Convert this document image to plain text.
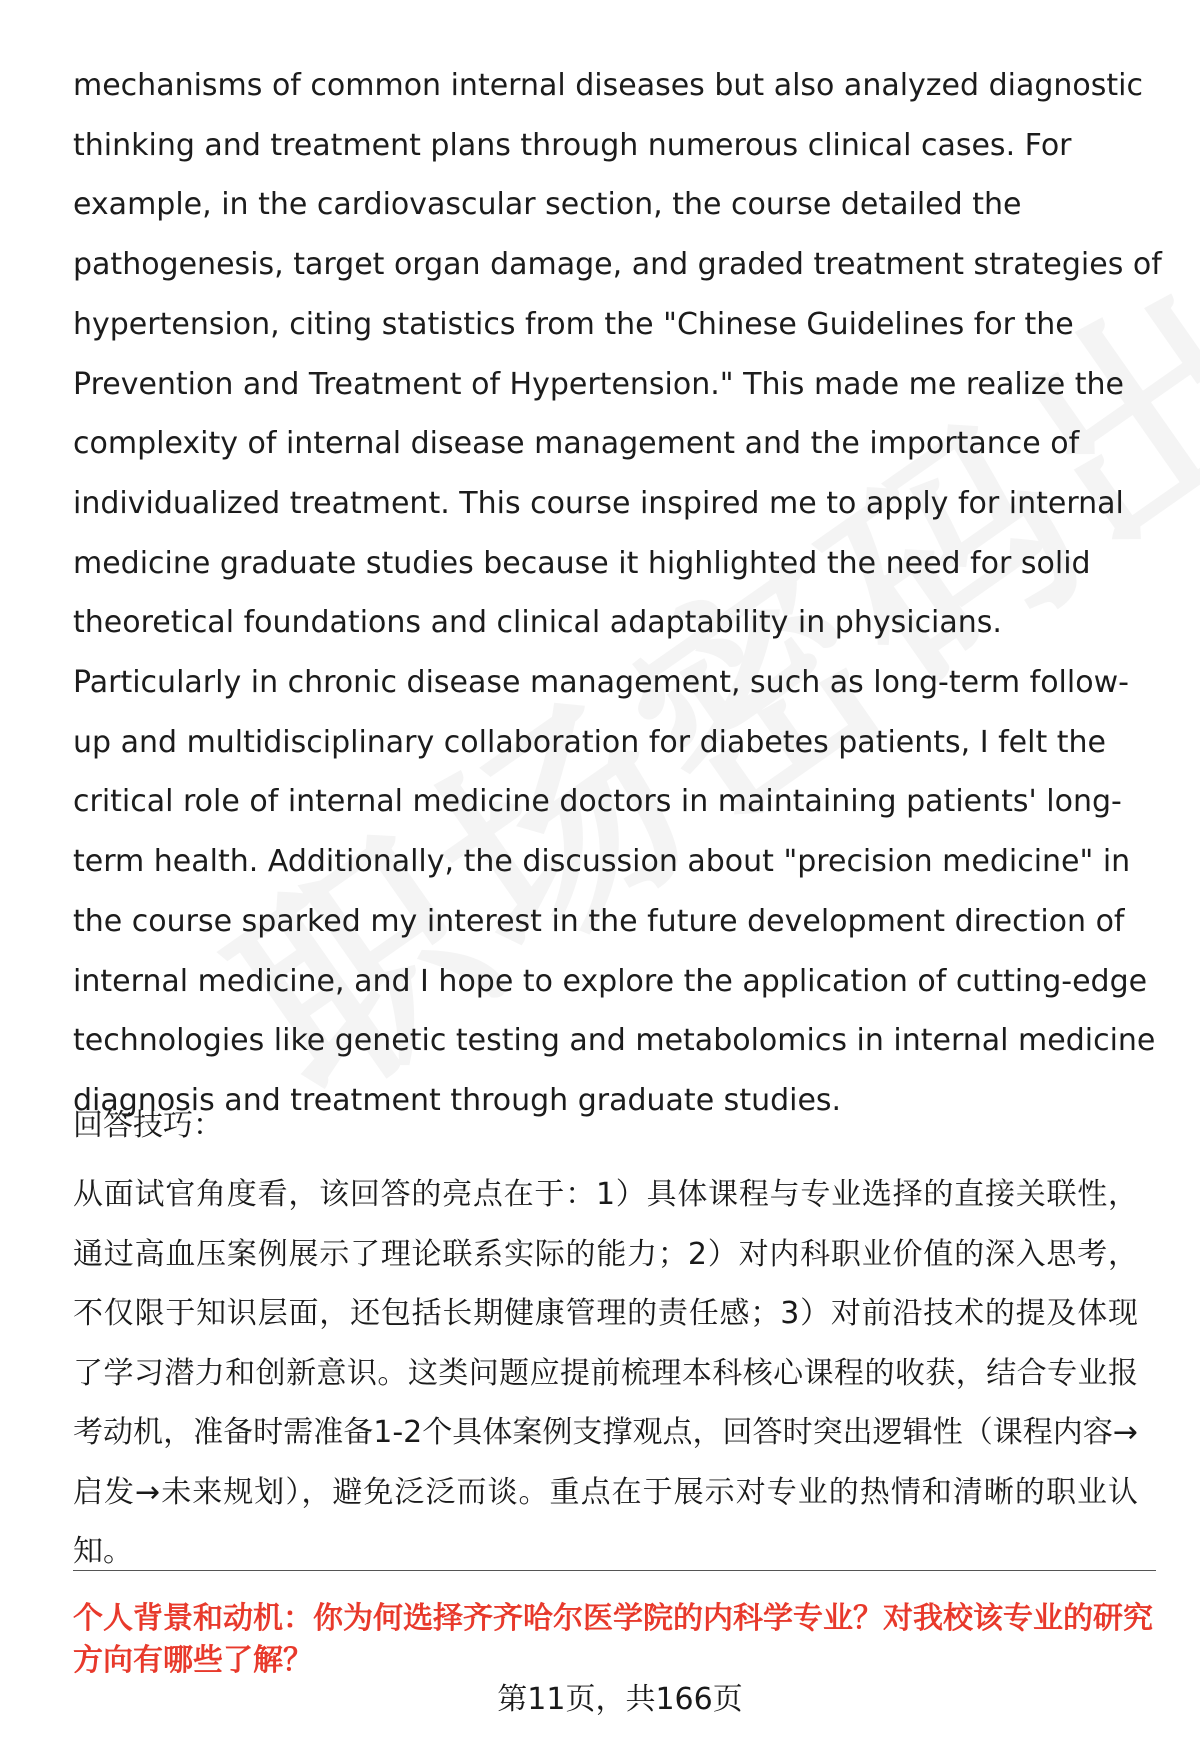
mechanisms of common internal diseases but also analyzed diagnostic thinking and treatment plans through numerous clinical cases. For example, in the cardiovascular section, the course detailed the pathogenesis, target organ damage, and graded treatment strategies of hypertension, citing statistics from the "Chinese Guidelines for the Prevention and Treatment of Hypertension." This made me realize the complexity of internal disease management and the importance of individualized treatment. This course inspired me to apply for internal medicine graduate studies because it highlighted the need for solid theoretical foundations and clinical adaptability in physicians. Particularly in chronic disease management, such as long-term follow-up and multidisciplinary collaboration for diabetes patients, I felt the critical role of internal medicine doctors in maintaining patients' long-term health. Additionally, the discussion about "precision medicine" in the course sparked my interest in the future development direction of internal medicine, and I hope to explore the application of cutting-edge technologies like genetic testing and metabolomics in internal medicine diagnosis and treatment through graduate studies.

回答技巧：

从面试官角度看，该回答的亮点在于：1）具体课程与专业选择的直接关联性，通过高血压案例展示了理论联系实际的能力；2）对内科职业价值的深入思考，不仅限于知识层面，还包括长期健康管理的责任感；3）对前沿技术的提及体现了学习潜力和创新意识。这类问题应提前梳理本科核心课程的收获，结合专业报考动机，准备时需准备1-2个具体案例支撑观点，回答时突出逻辑性（课程内容→启发→未来规划），避免泛泛而谈。重点在于展示对专业的热情和清晰的职业认知。

个人背景和动机：你为何选择齐齐哈尔医学院的内科学专业？对我校该专业的研究方向有哪些了解？

第11页，共166页
